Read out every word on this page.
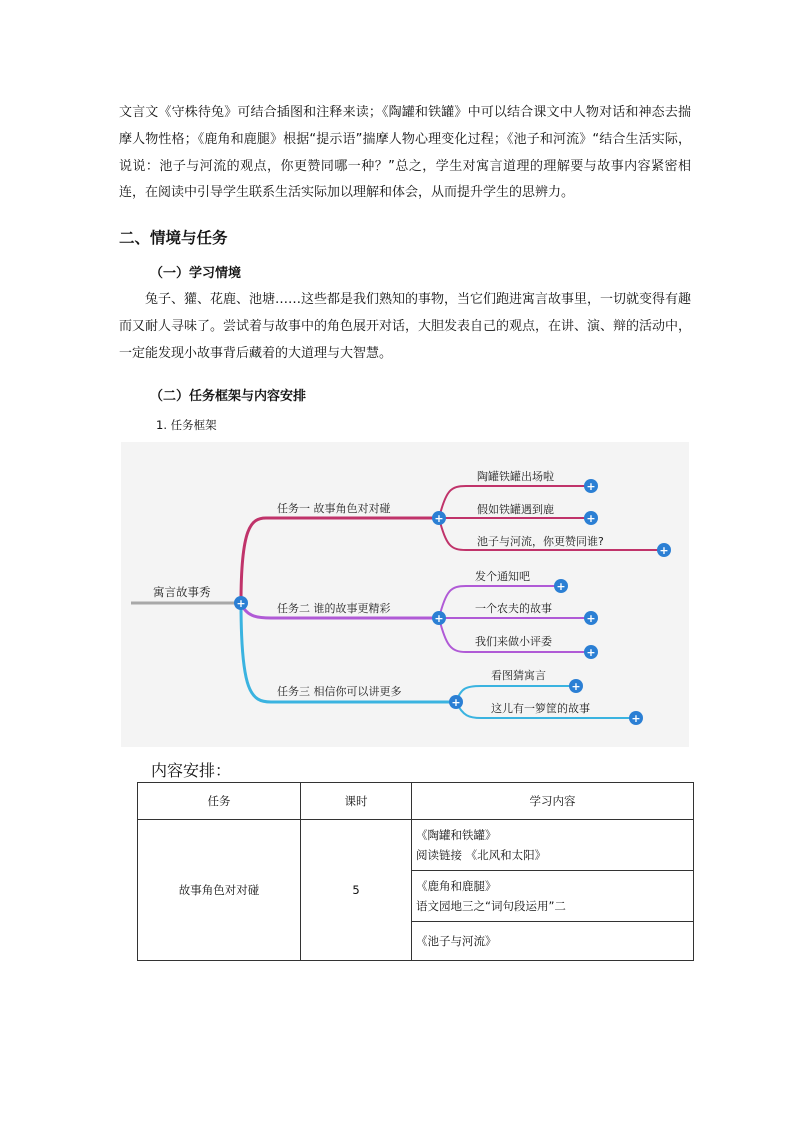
文言文《守株待兔》可结合插图和注释来读；《陶罐和铁罐》中可以结合课文中人物对话和神态去揣摩人物性格；《鹿角和鹿腿》根据“提示语”揣摩人物心理变化过程；《池子和河流》“结合生活实际，说说：池子与河流的观点，你更赞同哪一种？”总之，学生对寓言道理的理解要与故事内容紧密相连，在阅读中引导学生联系生活实际加以理解和体会，从而提升学生的思辨力。

二、情境与任务
（一）学习情境

兔子、獾、花鹿、池塘……这些都是我们熟知的事物，当它们跑进寓言故事里，一切就变得有趣而又耐人寻味了。尝试着与故事中的角色展开对话，大胆发表自己的观点，在讲、演、辩的活动中，一定能发现小故事背后藏着的大道理与大智慧。

（二）任务框架与内容安排

1. 任务框架

寓言故事秀
任务一 故事角色对对碰
陶罐铁罐出场啦
假如铁罐遇到鹿
池子与河流，你更赞同谁?
任务二 谁的故事更精彩
发个通知吧
一个农夫的故事
我们来做小评委
任务三 相信你可以讲更多
看图猜寓言
这儿有一箩筐的故事
+
+
+
+
+
+
+
+
+
+
+
+

内容安排：

任务	课时	学习内容
故事角色对对碰	5	《陶罐和铁罐》
阅读链接 《北风和太阳》

		《鹿角和鹿腿》
语文园地三之“词句段运用”二

		《池子与河流》
